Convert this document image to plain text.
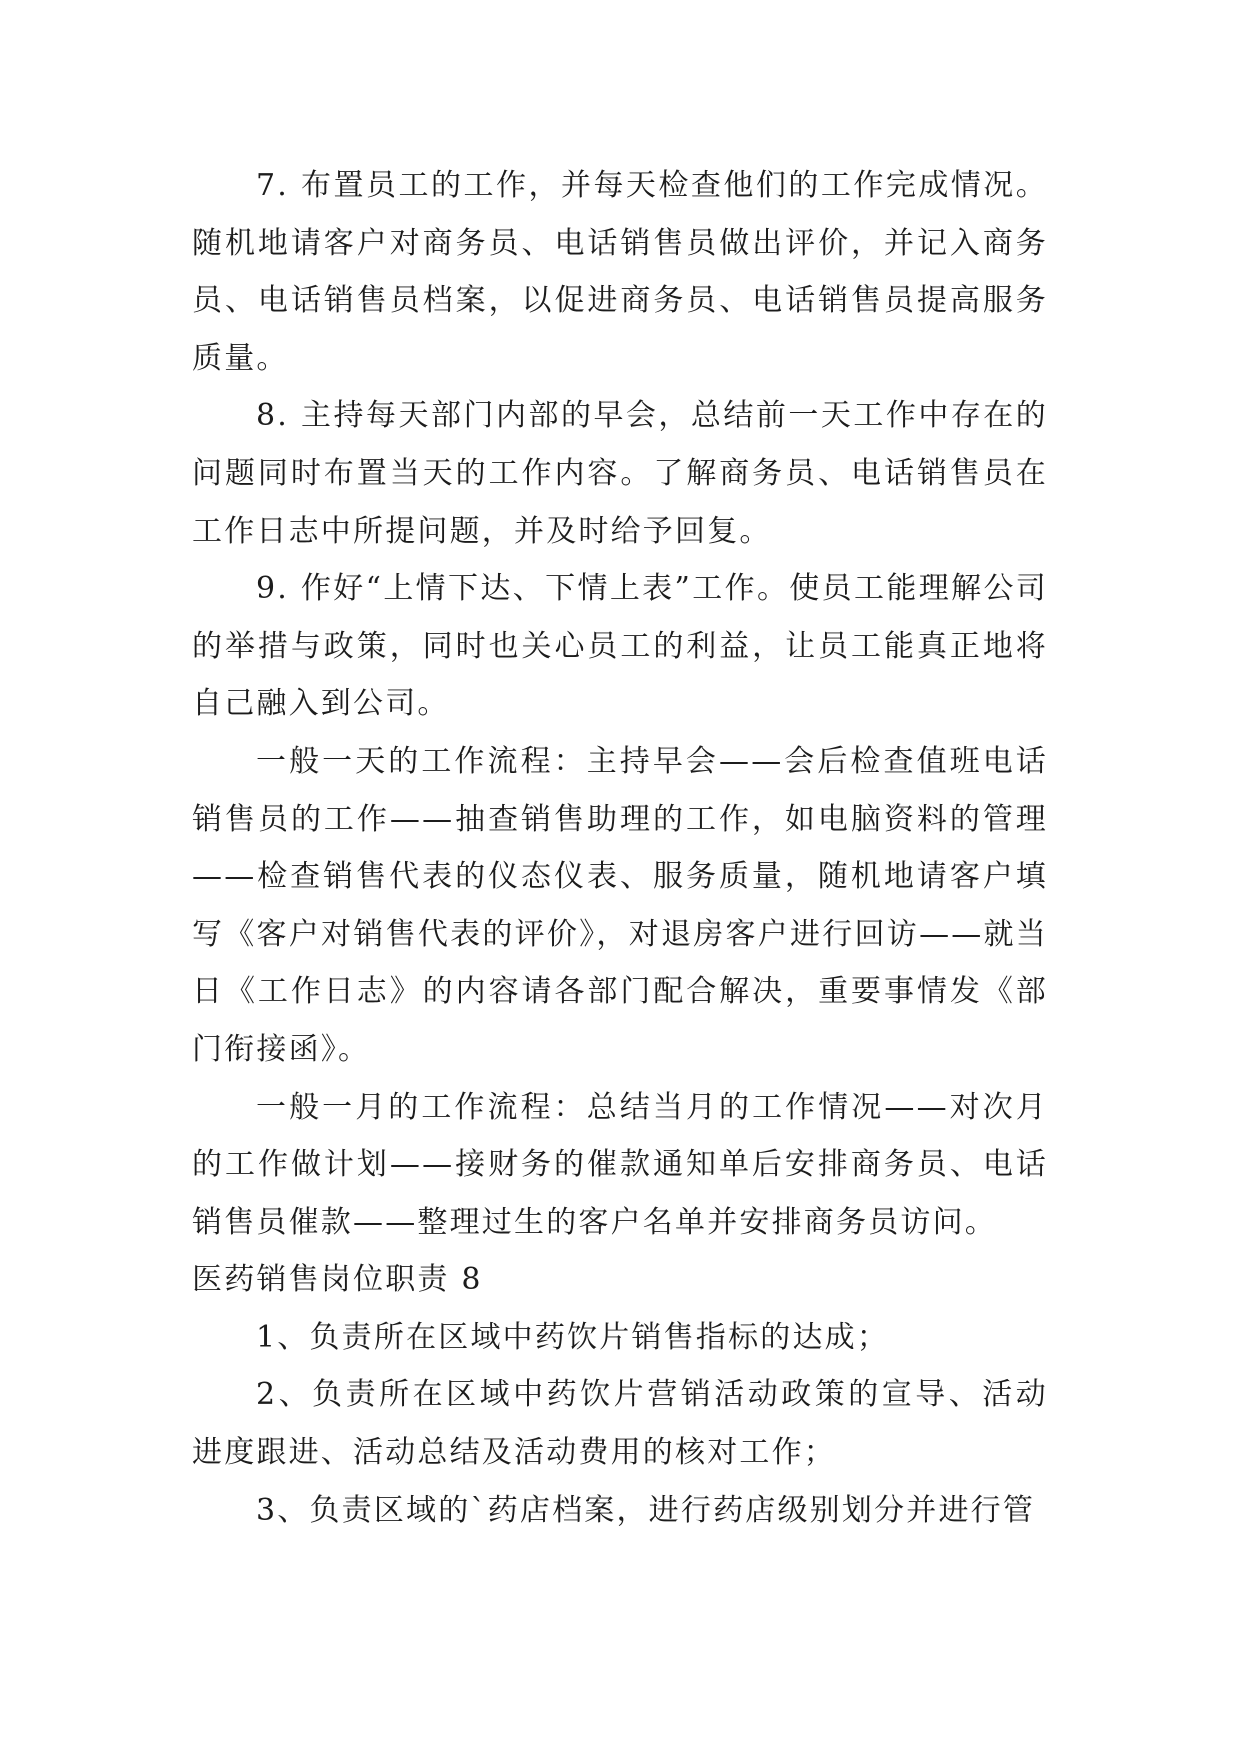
7. 布置员工的工作，并每天检查他们的工作完成情况。随机地请客户对商务员、电话销售员做出评价，并记入商务员、电话销售员档案，以促进商务员、电话销售员提高服务质量。

8. 主持每天部门内部的早会，总结前一天工作中存在的问题同时布置当天的工作内容。了解商务员、电话销售员在工作日志中所提问题，并及时给予回复。

9. 作好“上情下达、下情上表”工作。使员工能理解公司的举措与政策，同时也关心员工的利益，让员工能真正地将自己融入到公司。

一般一天的工作流程：主持早会——会后检查值班电话销售员的工作——抽查销售助理的工作，如电脑资料的管理——检查销售代表的仪态仪表、服务质量，随机地请客户填写《客户对销售代表的评价》，对退房客户进行回访——就当日《工作日志》的内容请各部门配合解决，重要事情发《部门衔接函》。

一般一月的工作流程：总结当月的工作情况——对次月的工作做计划——接财务的催款通知单后安排商务员、电话销售员催款——整理过生的客户名单并安排商务员访问。

医药销售岗位职责 8

1、负责所在区域中药饮片销售指标的达成；

2、负责所在区域中药饮片营销活动政策的宣导、活动进度跟进、活动总结及活动费用的核对工作；

3、负责区域的`药店档案，进行药店级别划分并进行管
